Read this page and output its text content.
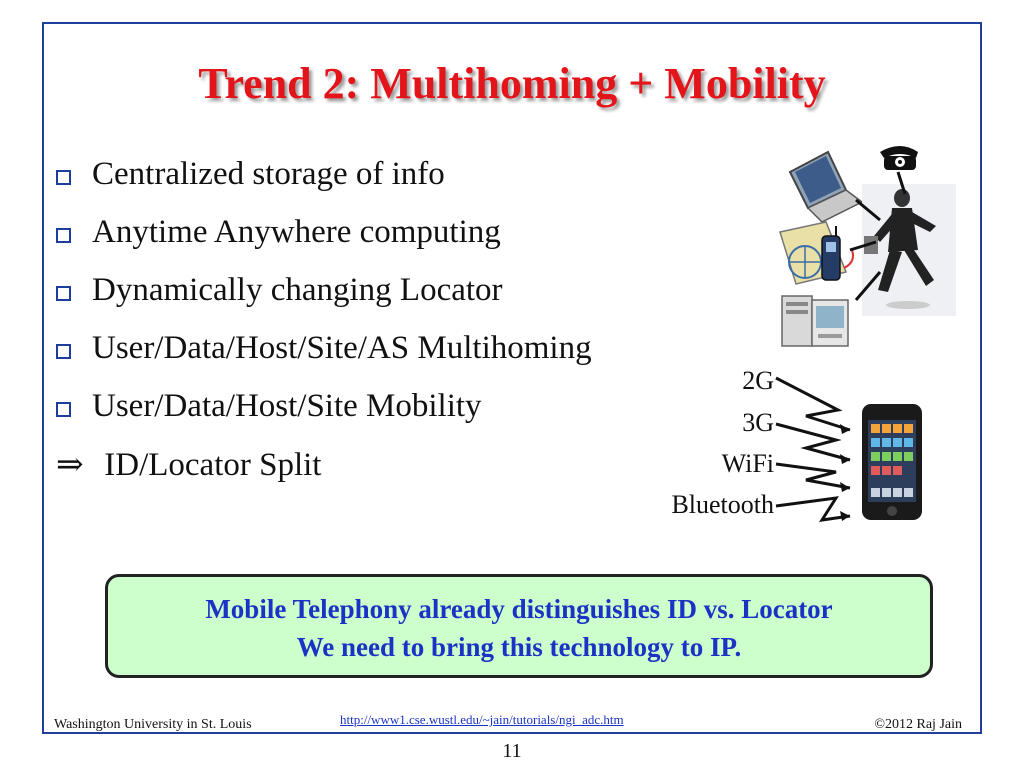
Trend 2: Multihoming + Mobility
Centralized storage of info
Anytime Anywhere computing
Dynamically changing Locator
User/Data/Host/Site/AS Multihoming
User/Data/Host/Site Mobility
⇒ ID/Locator Split
2G
3G
WiFi
Bluetooth
Mobile Telephony already distinguishes ID vs. Locator
We need to bring this technology to IP.
Washington University in St. Louis	http://www1.cse.wustl.edu/~jain/tutorials/ngi_adc.htm	©2012 Raj Jain
11
